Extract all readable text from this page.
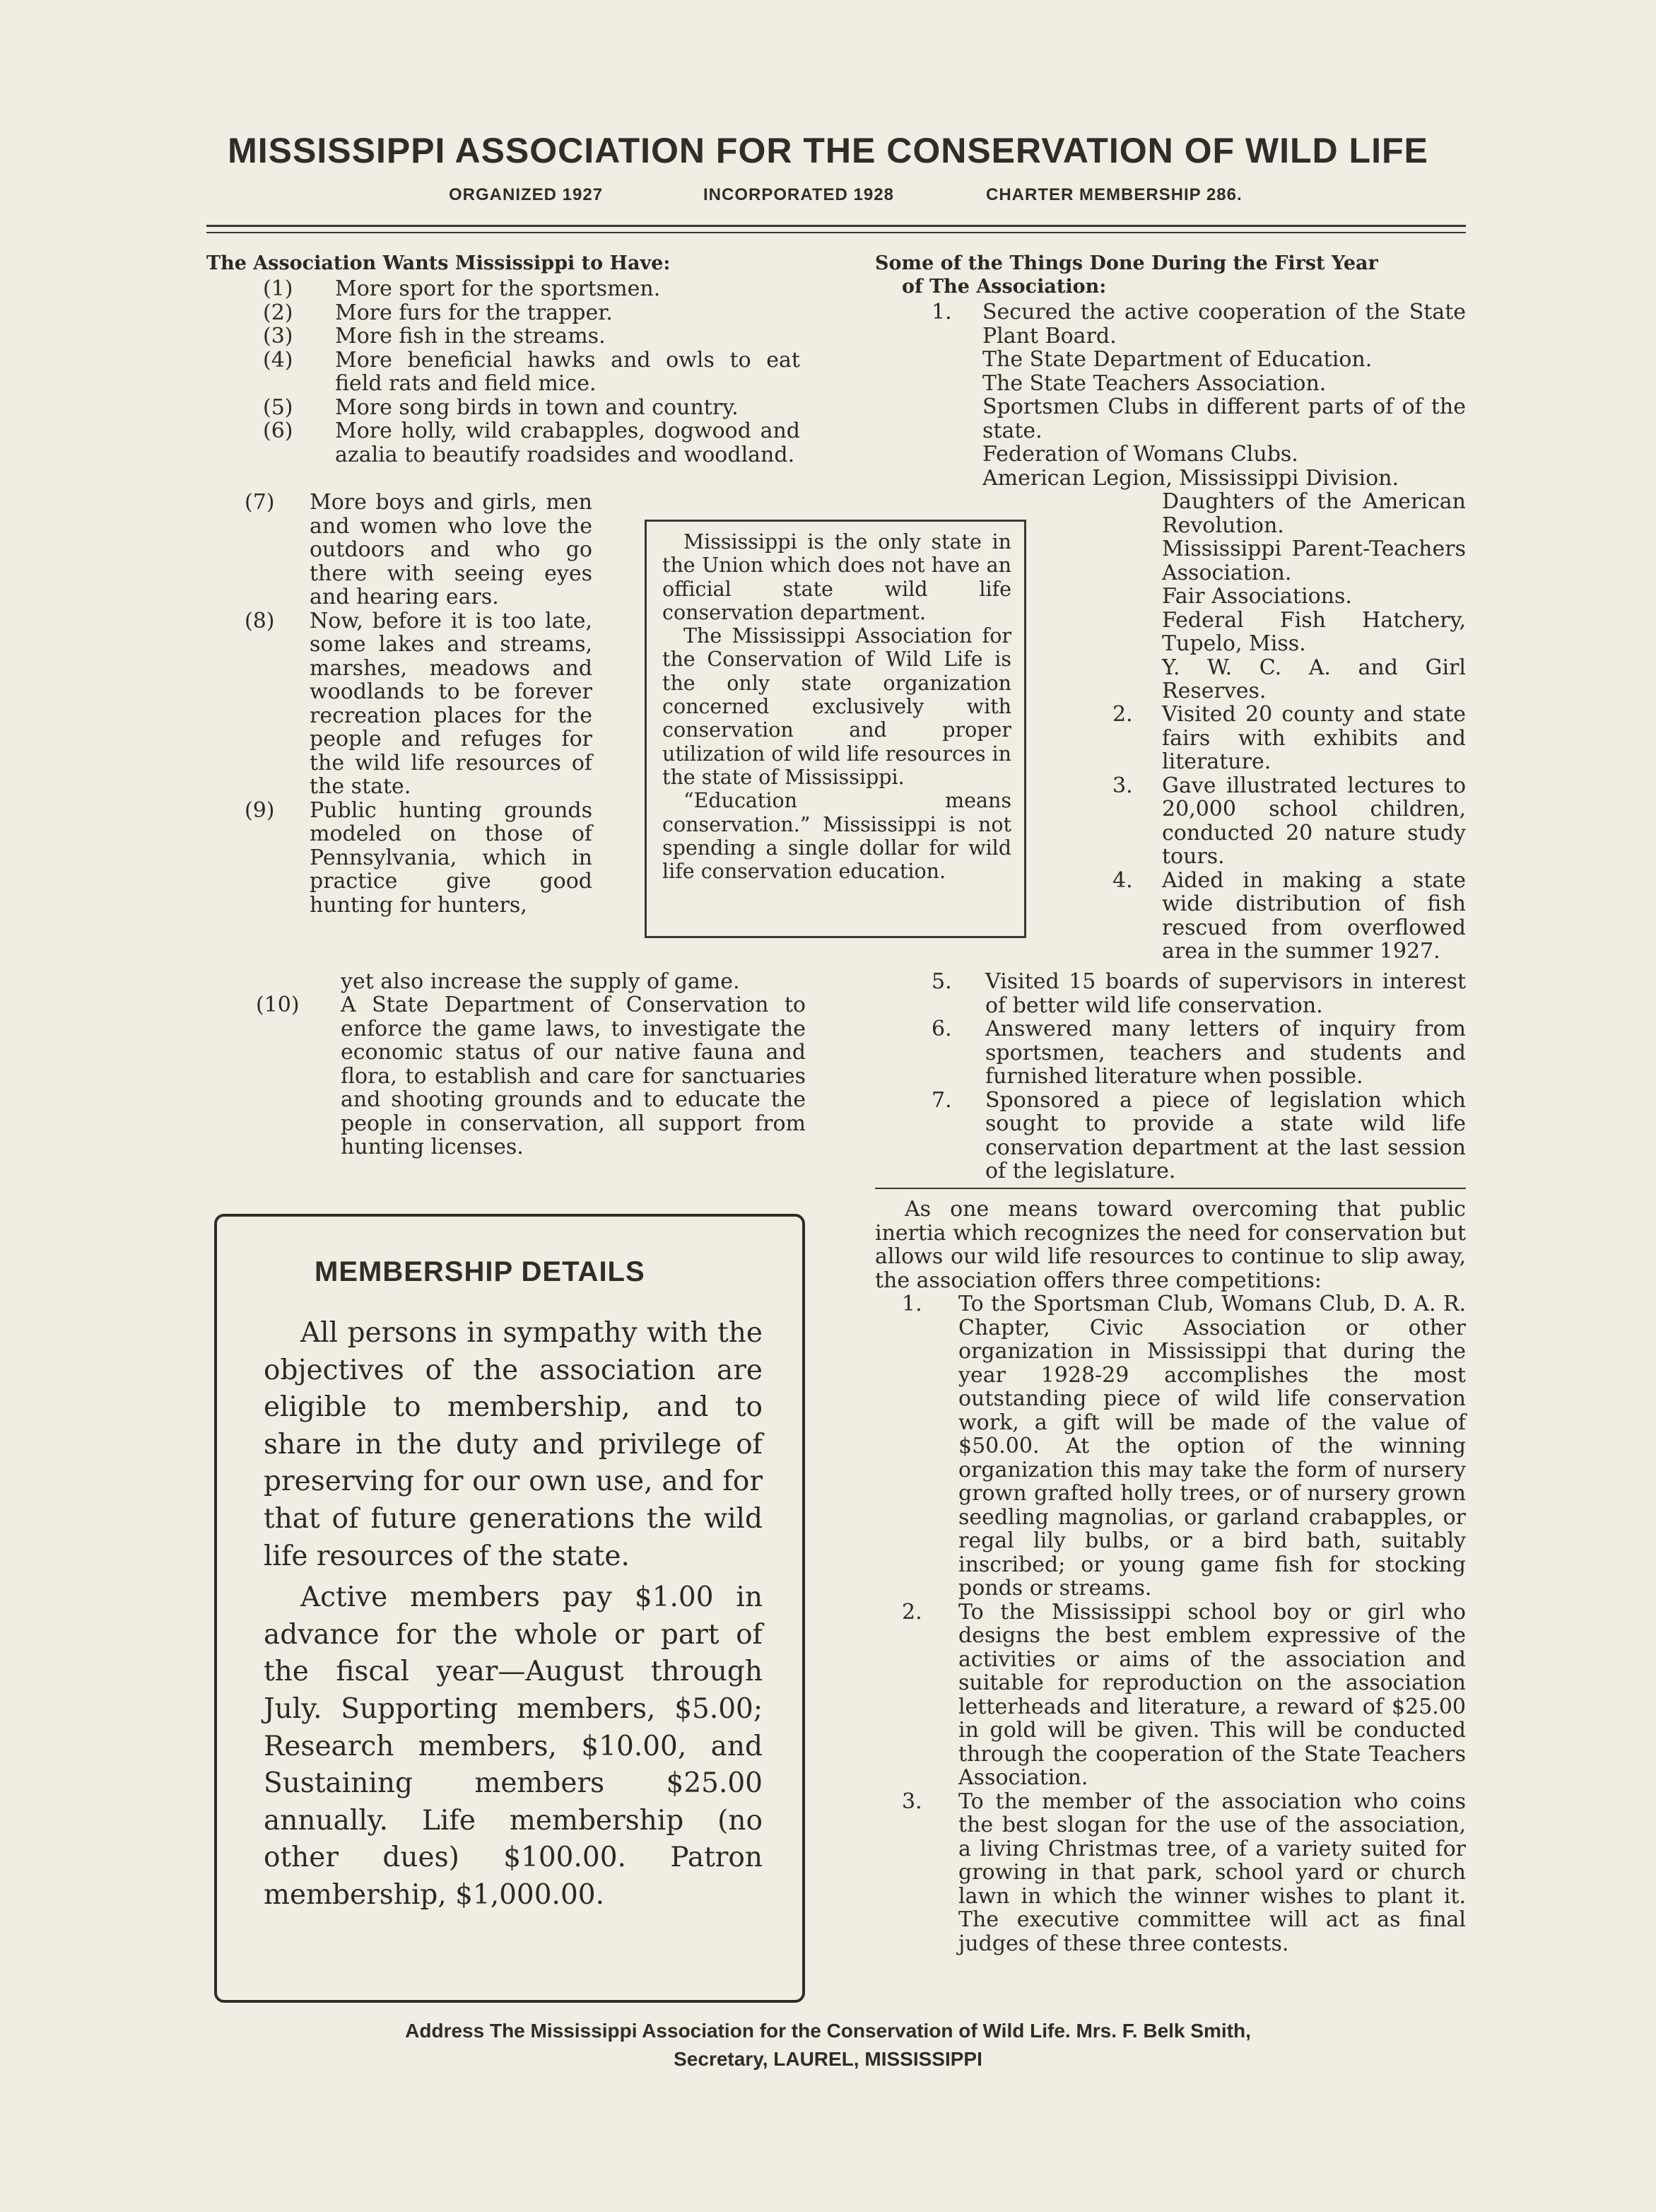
MISSISSIPPI ASSOCIATION FOR THE CONSERVATION OF WILD LIFE
ORGANIZED 1927	INCORPORATED 1928	CHARTER MEMBERSHIP 286.
The Association Wants Mississippi to Have:
(1)	More sport for the sportsmen.
(2)	More furs for the trapper.
(3)	More fish in the streams.
(4)	More beneficial hawks and owls to eat field rats and field mice.
(5)	More song birds in town and country.
(6)	More holly, wild crabapples, dogwood and azalia to beautify roadsides and woodland.
(7)	More boys and girls, men and women who love the outdoors and who go there with seeing eyes and hearing ears.
(8)	Now, before it is too late, some lakes and streams, marshes, meadows and woodlands to be forever recreation places for the people and refuges for the wild life resources of the state.
(9)	Public hunting grounds modeled on those of Pennsylvania, which in practice give good hunting for hunters,
yet also increase the supply of game.
(10)	A State Department of Conservation to enforce the game laws, to investigate the economic status of our native fauna and flora, to establish and care for sanctuaries and shooting grounds and to educate the people in conservation, all support from hunting licenses.

Mississippi is the only state in the Union which does not have an official state wild life conservation department.

The Mississippi Association for the Conservation of Wild Life is the only state organization concerned exclusively with conservation and proper utilization of wild life resources in the state of Mississippi.

“Education means conservation.” Mississippi is not spending a single dollar for wild life conservation education.

Some of the Things Done During the First Year
of The Association:
1. Secured the active cooperation of the State Plant Board.
The State Department of Education.
The State Teachers Association.
Sportsmen Clubs in different parts of of the state.
Federation of Womans Clubs.
American Legion, Mississippi Division.
Daughters of the American Revolution.
Mississippi Parent-Teachers Association.
Fair Associations.
Federal Fish Hatchery, Tupelo, Miss.
Y. W. C. A. and Girl Reserves.
2.	Visited 20 county and state fairs with exhibits and literature.
3.	Gave illustrated lectures to 20,000 school children, conducted 20 nature study tours.
4.	Aided in making a state wide distribution of fish rescued from overflowed area in the summer 1927.
5.	Visited 15 boards of supervisors in interest of better wild life conservation.
6.	Answered many letters of inquiry from sportsmen, teachers and students and furnished literature when possible.
7.	Sponsored a piece of legislation which sought to provide a state wild life conservation department at the last session of the legislature.
As one means toward overcoming that public inertia which recognizes the need for conservation but allows our wild life resources to continue to slip away, the association offers three competitions:
1.	To the Sportsman Club, Womans Club, D. A. R. Chapter, Civic Association or other organization in Mississippi that during the year 1928-29 accomplishes the most outstanding piece of wild life conservation work, a gift will be made of the value of $50.00. At the option of the winning organization this may take the form of nursery grown grafted holly trees, or of nursery grown seedling magnolias, or garland crabapples, or regal lily bulbs, or a bird bath, suitably inscribed; or young game fish for stocking ponds or streams.
2.	To the Mississippi school boy or girl who designs the best emblem expressive of the activities or aims of the association and suitable for reproduction on the association letterheads and literature, a reward of $25.00 in gold will be given. This will be conducted through the cooperation of the State Teachers Association.
3.	To the member of the association who coins the best slogan for the use of the association, a living Christmas tree, of a variety suited for growing in that park, school yard or church lawn in which the winner wishes to plant it. The executive committee will act as final judges of these three contests.
MEMBERSHIP DETAILS

All persons in sympathy with the objectives of the association are eligible to membership, and to share in the duty and privilege of preserving for our own use, and for that of future generations the wild life resources of the state.

Active members pay $1.00 in advance for the whole or part of the fiscal year—August through July. Supporting members, $5.00; Research members, $10.00, and Sustaining members $25.00 annually. Life membership (no other dues) $100.00. Patron membership, $1,000.00.

Address The Mississippi Association for the Conservation of Wild Life. Mrs. F. Belk Smith,
Secretary, LAUREL, MISSISSIPPI
